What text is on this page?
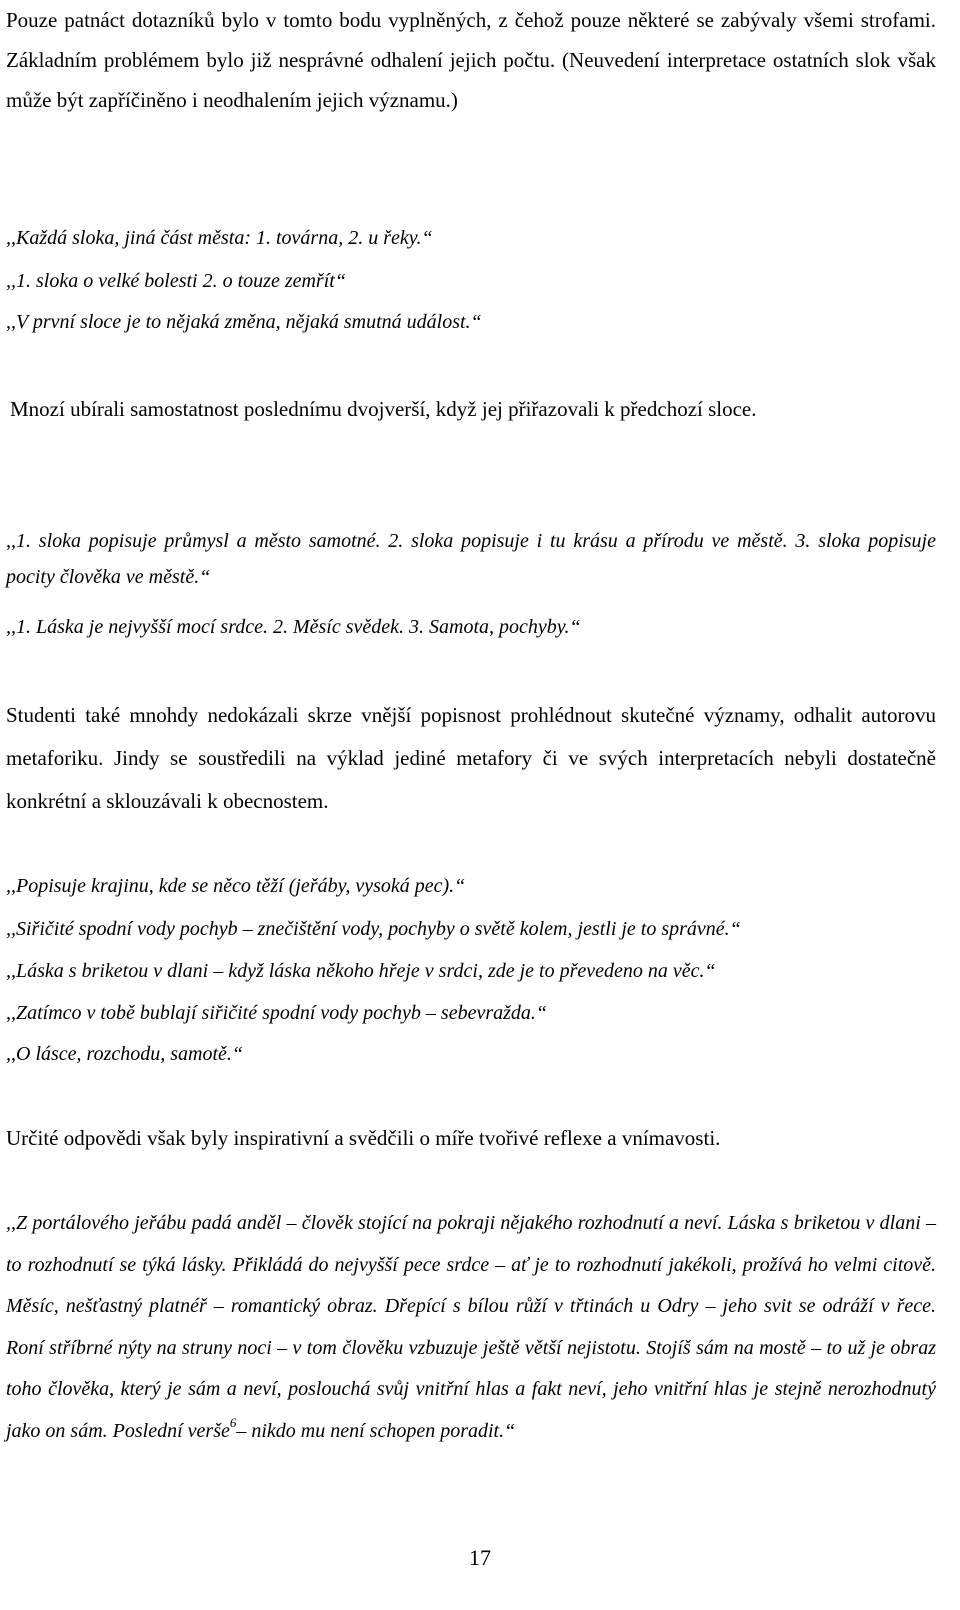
Pouze patnáct dotazníků bylo v tomto bodu vyplněných, z čehož pouze některé se zabývaly všemi strofami. Základním problémem bylo již nesprávné odhalení jejich počtu. (Neuvedení interpretace ostatních slok však může být zapříčiněno i neodhalením jejich významu.)

,,Každá sloka, jiná část města: 1. továrna, 2. u řeky.“

,,1. sloka o velké bolesti 2. o touze zemřít“

,,V první sloce je to nějaká změna, nějaká smutná událost.“

Mnozí ubírali samostatnost poslednímu dvojverší, když jej přiřazovali k předchozí sloce.

,,1. sloka popisuje průmysl a město samotné. 2. sloka popisuje i tu krásu a přírodu ve městě. 3. sloka popisuje pocity člověka ve městě.“

,,1. Láska je nejvyšší mocí srdce. 2. Měsíc svědek. 3. Samota, pochyby.“

Studenti také mnohdy nedokázali skrze vnější popisnost prohlédnout skutečné významy, odhalit autorovu metaforiku. Jindy se soustředili na výklad jediné metafory či ve svých interpretacích nebyli dostatečně konkrétní a sklouzávali k obecnostem.

,,Popisuje krajinu, kde se něco těží (jeřáby, vysoká pec).“

,,Siřičité spodní vody pochyb – znečištění vody, pochyby o světě kolem, jestli je to správné.“

,,Láska s briketou v dlani – když láska někoho hřeje v srdci, zde je to převedeno na věc.“

,,Zatímco v tobě bublají siřičité spodní vody pochyb – sebevražda.“

,,O lásce, rozchodu, samotě.“

Určité odpovědi však byly inspirativní a svědčili o míře tvořivé reflexe a vnímavosti.

,,Z portálového jeřábu padá anděl – člověk stojící na pokraji nějakého rozhodnutí a neví. Láska s briketou v dlani – to rozhodnutí se týká lásky. Přikládá do nejvyšší pece srdce – ať je to rozhodnutí jakékoli, prožívá ho velmi citově. Měsíc, nešťastný platnéř – romantický obraz. Dřepící s bílou růží v třtinách u Odry – jeho svit se odráží v řece. Roní stříbrné nýty na struny noci – v tom člověku vzbuzuje ještě větší nejistotu. Stojíš sám na mostě – to už je obraz toho člověka, který je sám a neví, poslouchá svůj vnitřní hlas a fakt neví, jeho vnitřní hlas je stejně nerozhodnutý jako on sám. Poslední verše$^6$– nikdo mu není schopen poradit.“

17
